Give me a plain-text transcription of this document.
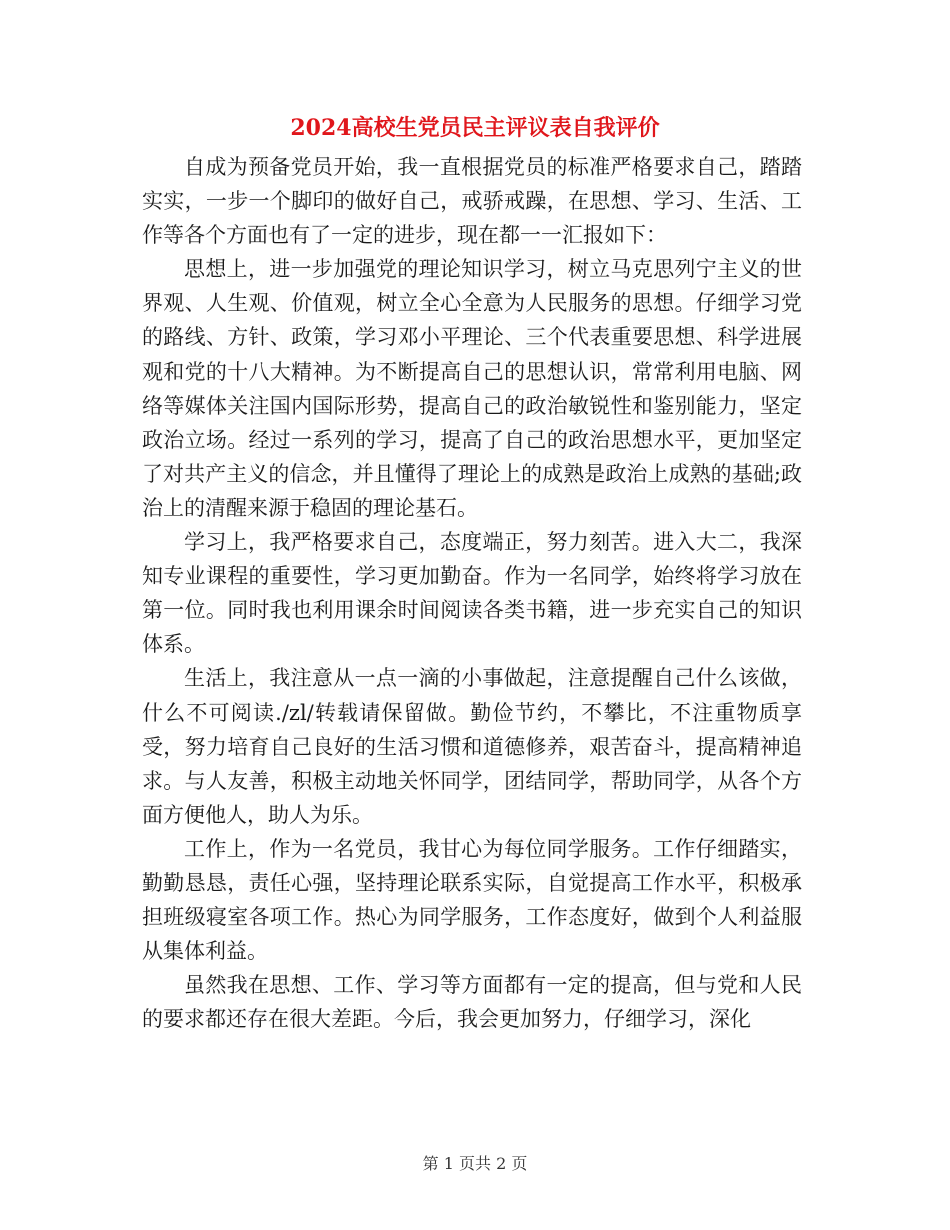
2024高校生党员民主评议表自我评价

自成为预备党员开始，我一直根据党员的标准严格要求自己，踏踏实实，一步一个脚印的做好自己，戒骄戒躁，在思想、学习、生活、工作等各个方面也有了一定的进步，现在都一一汇报如下：

思想上，进一步加强党的理论知识学习，树立马克思列宁主义的世界观、人生观、价值观，树立全心全意为人民服务的思想。仔细学习党的路线、方针、政策，学习邓小平理论、三个代表重要思想、科学进展观和党的十八大精神。为不断提高自己的思想认识，常常利用电脑、网络等媒体关注国内国际形势，提高自己的政治敏锐性和鉴别能力，坚定政治立场。经过一系列的学习，提高了自己的政治思想水平，更加坚定了对共产主义的信念，并且懂得了理论上的成熟是政治上成熟的基础;政治上的清醒来源于稳固的理论基石。

学习上，我严格要求自己，态度端正，努力刻苦。进入大二，我深知专业课程的重要性，学习更加勤奋。作为一名同学，始终将学习放在第一位。同时我也利用课余时间阅读各类书籍，进一步充实自己的知识体系。

生活上，我注意从一点一滴的小事做起，注意提醒自己什么该做，什么不可阅读./zl/转载请保留做。勤俭节约，不攀比，不注重物质享受，努力培育自己良好的生活习惯和道德修养，艰苦奋斗，提高精神追求。与人友善，积极主动地关怀同学，团结同学，帮助同学，从各个方面方便他人，助人为乐。

工作上，作为一名党员，我甘心为每位同学服务。工作仔细踏实，勤勤恳恳，责任心强，坚持理论联系实际，自觉提高工作水平，积极承担班级寝室各项工作。热心为同学服务，工作态度好，做到个人利益服从集体利益。

虽然我在思想、工作、学习等方面都有一定的提高，但与党和人民的要求都还存在很大差距。今后，我会更加努力，仔细学习，深化

第 1 页共 2 页
